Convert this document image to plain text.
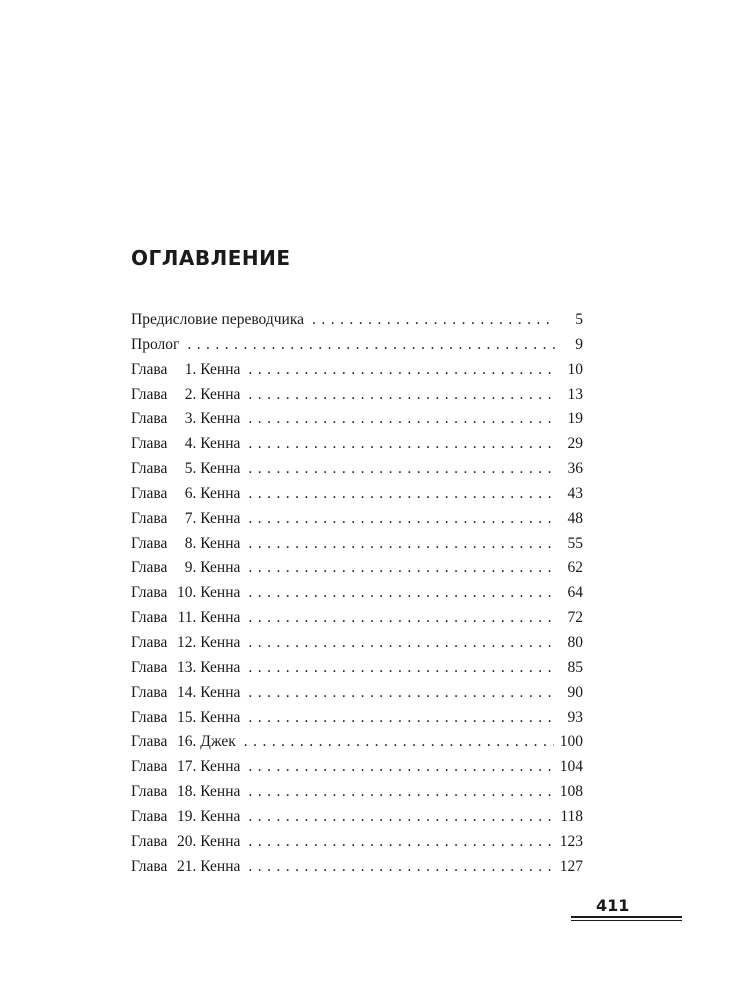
ОГЛАВЛЕНИЕ
Предисловие переводчика . . .	5
Пролог . . .	9
Глава 1. Кенна . . .	10
Глава 2. Кенна . . .	13
Глава 3. Кенна . . .	19
Глава 4. Кенна . . .	29
Глава 5. Кенна . . .	36
Глава 6. Кенна . . .	43
Глава 7. Кенна . . .	48
Глава 8. Кенна . . .	55
Глава 9. Кенна . . .	62
Глава 10. Кенна . . .	64
Глава 11. Кенна . . .	72
Глава 12. Кенна . . .	80
Глава 13. Кенна . . .	85
Глава 14. Кенна . . .	90
Глава 15. Кенна . . .	93
Глава 16. Джек . . .	100
Глава 17. Кенна . . .	104
Глава 18. Кенна . . .	108
Глава 19. Кенна . . .	118
Глава 20. Кенна . . .	123
Глава 21. Кенна . . .	127
411
